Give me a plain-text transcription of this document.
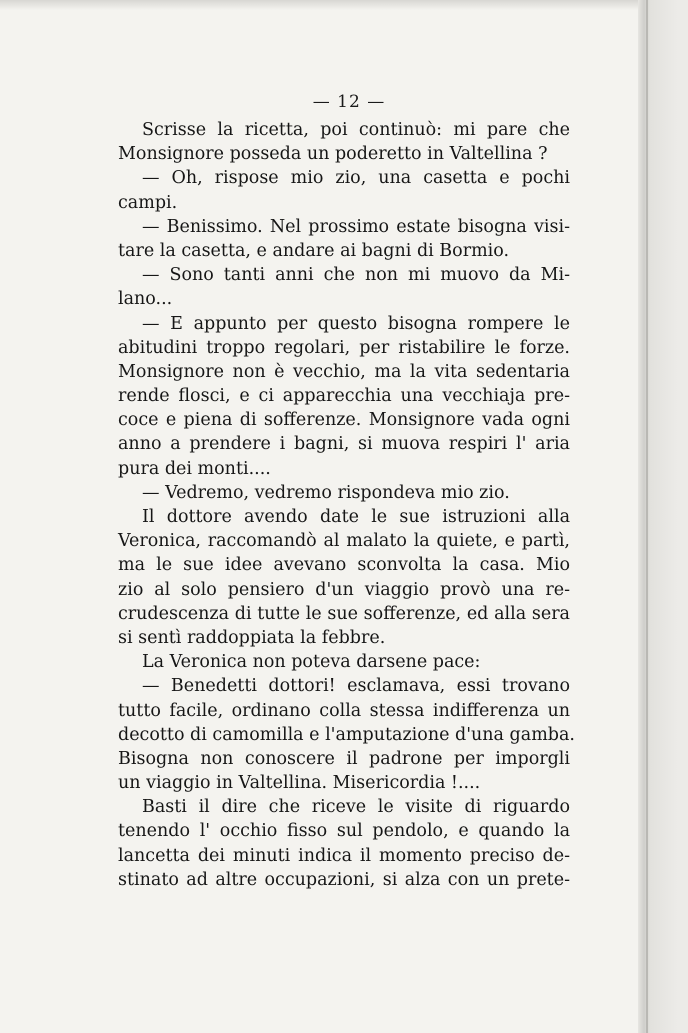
— 12 —
Scrisse la ricetta, poi continuò: mi pare che
Monsignore posseda un poderetto in Valtellina ?
— Oh, rispose mio zio, una casetta e pochi
campi.
— Benissimo. Nel prossimo estate bisogna visi-
tare la casetta, e andare ai bagni di Bormio.
— Sono tanti anni che non mi muovo da Mi-
lano...
— E appunto per questo bisogna rompere le
abitudini troppo regolari, per ristabilire le forze.
Monsignore non è vecchio, ma la vita sedentaria
rende flosci, e ci apparecchia una vecchiaja pre-
coce e piena di sofferenze. Monsignore vada ogni
anno a prendere i bagni, si muova respiri l' aria
pura dei monti....
— Vedremo, vedremo rispondeva mio zio.
Il dottore avendo date le sue istruzioni alla
Veronica, raccomandò al malato la quiete, e partì,
ma le sue idee avevano sconvolta la casa. Mio
zio al solo pensiero d'un viaggio provò una re-
crudescenza di tutte le sue sofferenze, ed alla sera
si sentì raddoppiata la febbre.
La Veronica non poteva darsene pace:
— Benedetti dottori! esclamava, essi trovano
tutto facile, ordinano colla stessa indifferenza un
decotto di camomilla e l'amputazione d'una gamba.
Bisogna non conoscere il padrone per imporgli
un viaggio in Valtellina. Misericordia !....
Basti il dire che riceve le visite di riguardo
tenendo l' occhio fisso sul pendolo, e quando la
lancetta dei minuti indica il momento preciso de-
stinato ad altre occupazioni, si alza con un prete-
